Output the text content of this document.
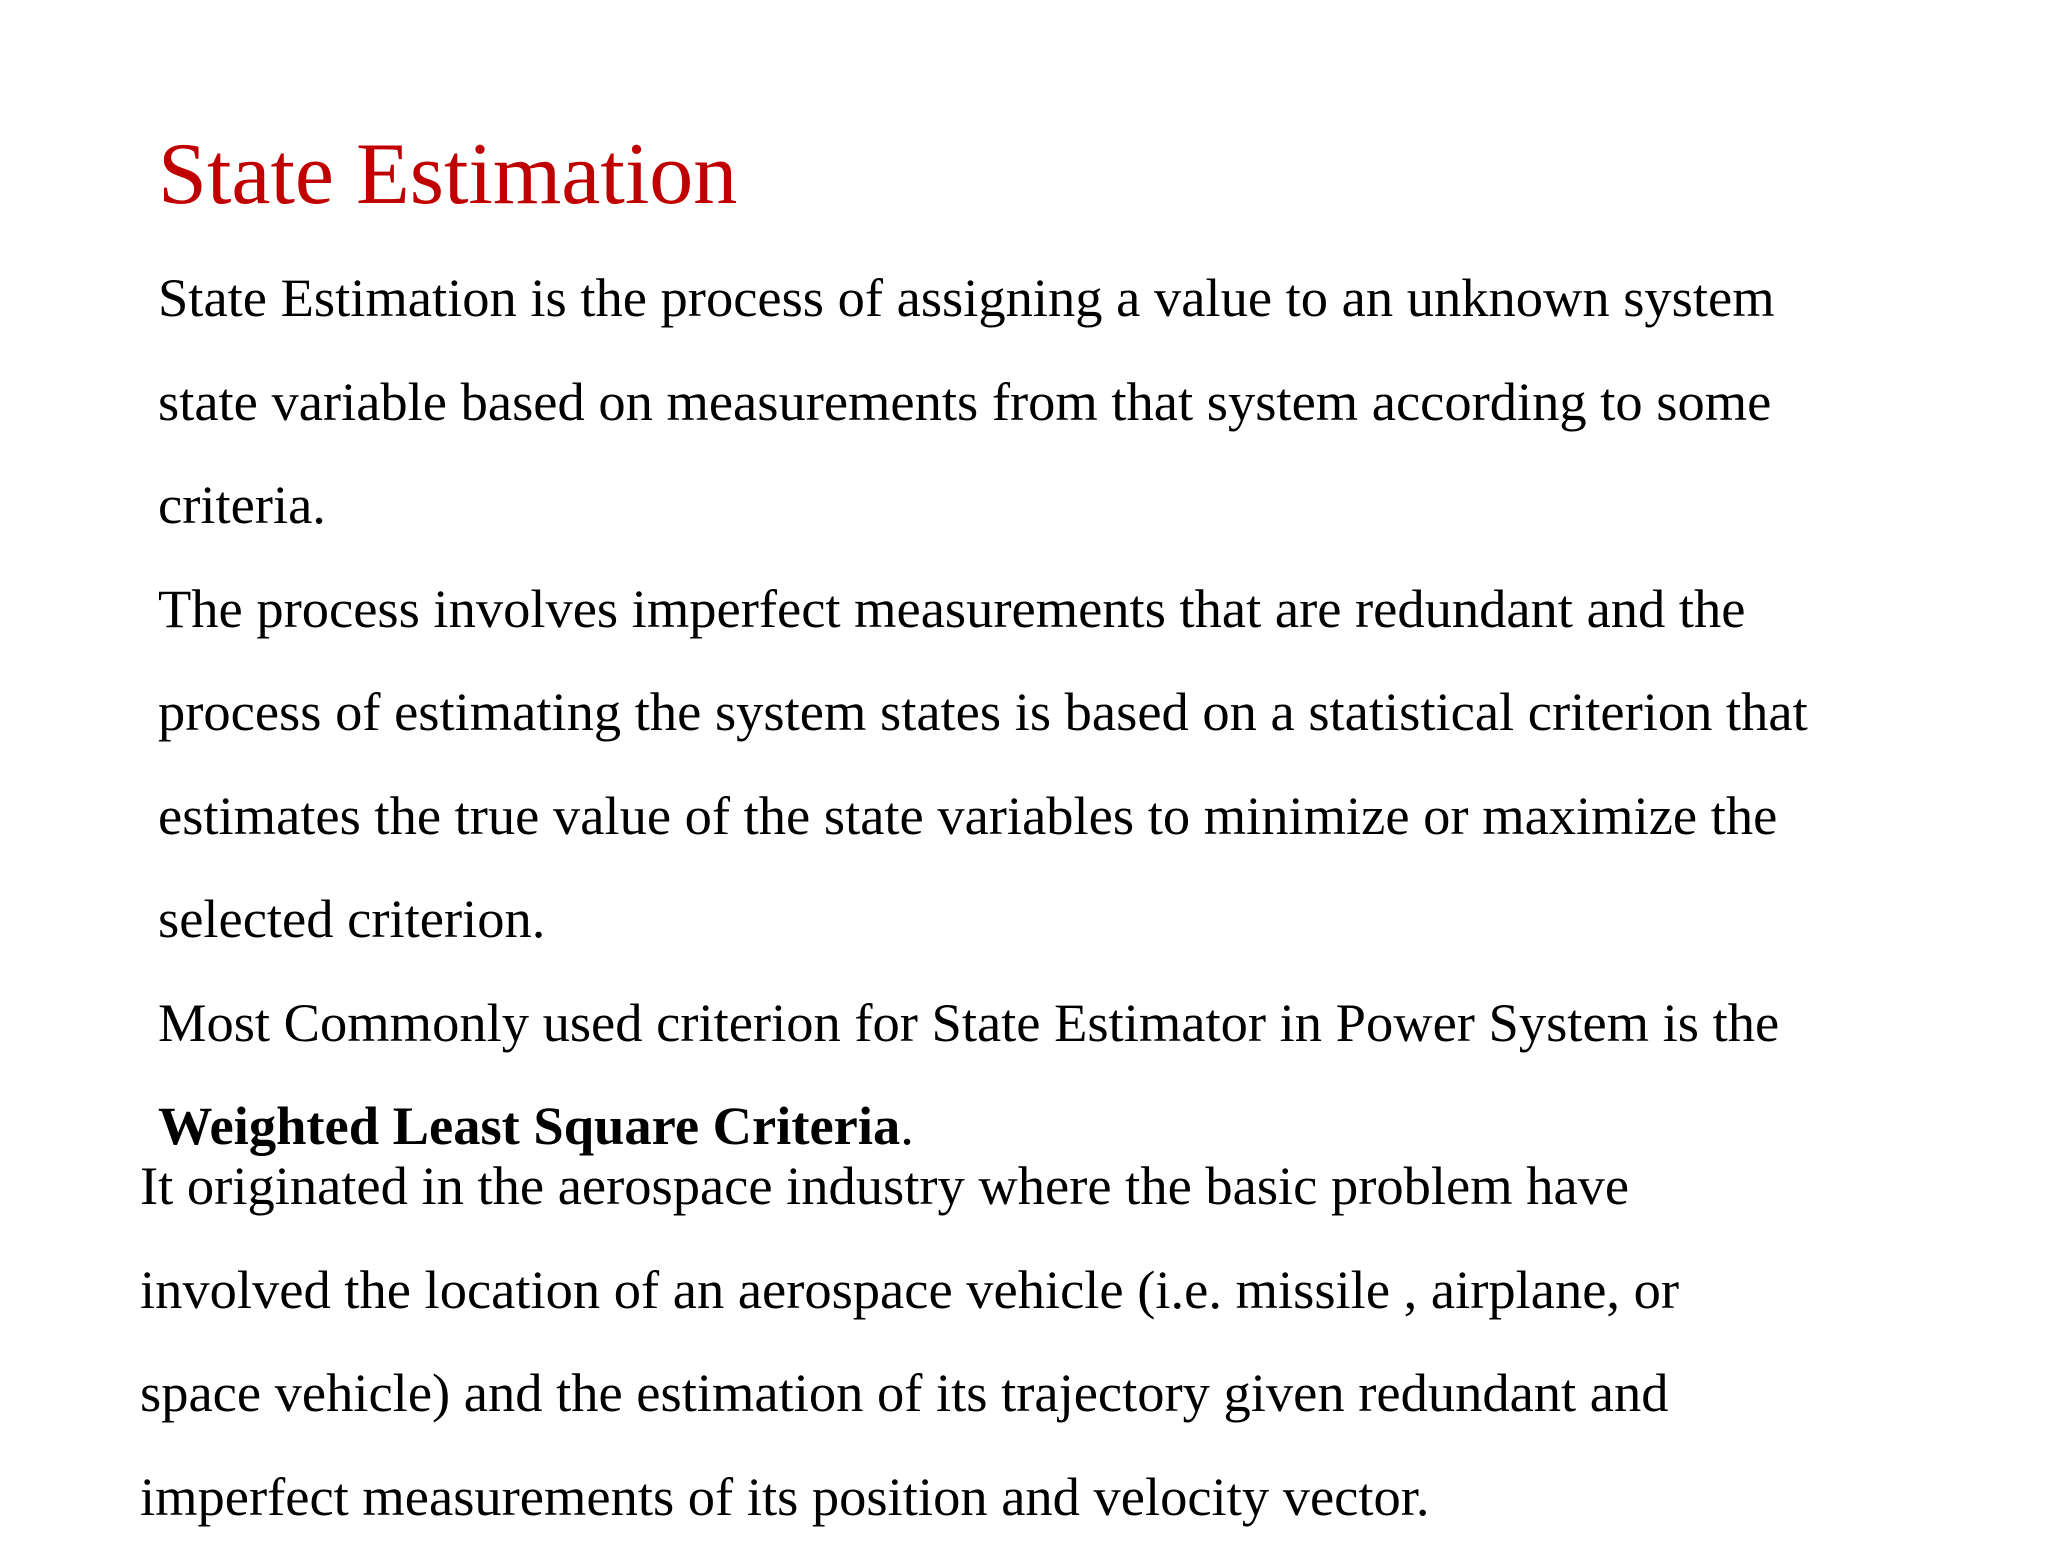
State Estimation

State Estimation is the process of assigning a value to an unknown system
state variable based on measurements from that system according to some
criteria.

The process involves imperfect measurements that are redundant and the
process of estimating the system states is based on a statistical criterion that
estimates the true value of the state variables to minimize or maximize the
selected criterion.

Most Commonly used criterion for State Estimator in Power System is the
Weighted Least Square Criteria.

It originated in the aerospace industry where the basic problem have
involved the location of an aerospace vehicle (i.e. missile , airplane, or
space vehicle) and the estimation of its trajectory given redundant and
imperfect measurements of its position and velocity vector.
